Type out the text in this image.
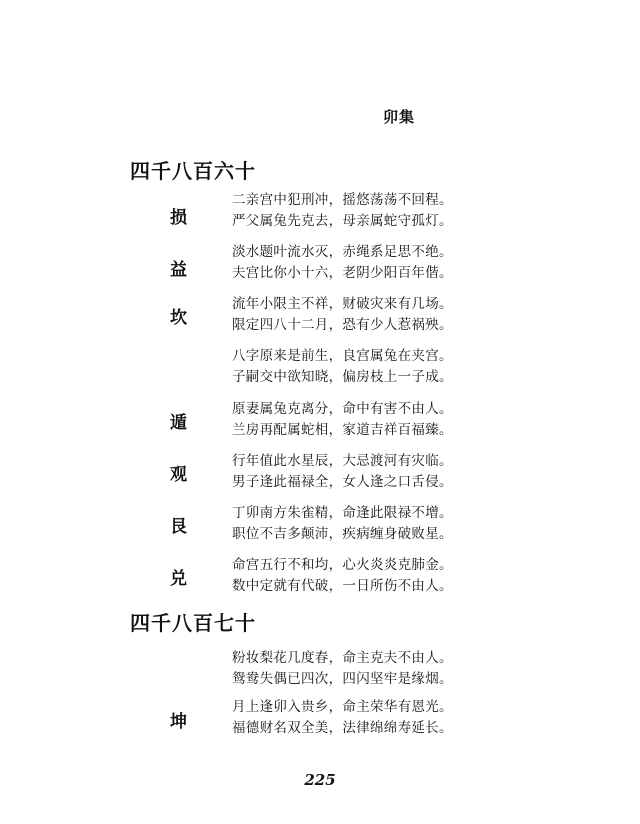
卯集
四千八百六十
损
二亲宫中犯刑冲，摇悠荡荡不回程。
严父属兔先克去，母亲属蛇守孤灯。
益
淡水题叶流水灭，赤绳系足思不绝。
夫宫比你小十六，老阴少阳百年偕。
坎
流年小限主不祥，财破灾来有几场。
限定四八十二月，恐有少人惹祸殃。
八字原来是前生，良宫属兔在夹宫。
子嗣交中欲知晓，偏房枝上一子成。
遁
原妻属兔克离分，命中有害不由人。
兰房再配属蛇相，家道吉祥百福臻。
观
行年值此水星辰，大忌渡河有灾临。
男子逢此福禄全，女人逢之口舌侵。
艮
丁卯南方朱雀精，命逢此限禄不增。
职位不吉多颠沛，疾病缠身破败星。
兑
命宫五行不和均，心火炎炎克肺金。
数中定就有代破，一日所伤不由人。
四千八百七十
粉妆梨花几度春，命主克夫不由人。
鸳鸯失偶已四次，四闪坚牢是缘烟。
坤
月上逢卯入贵乡，命主荣华有恩光。
福德财名双全美，法律绵绵寿延长。
225
